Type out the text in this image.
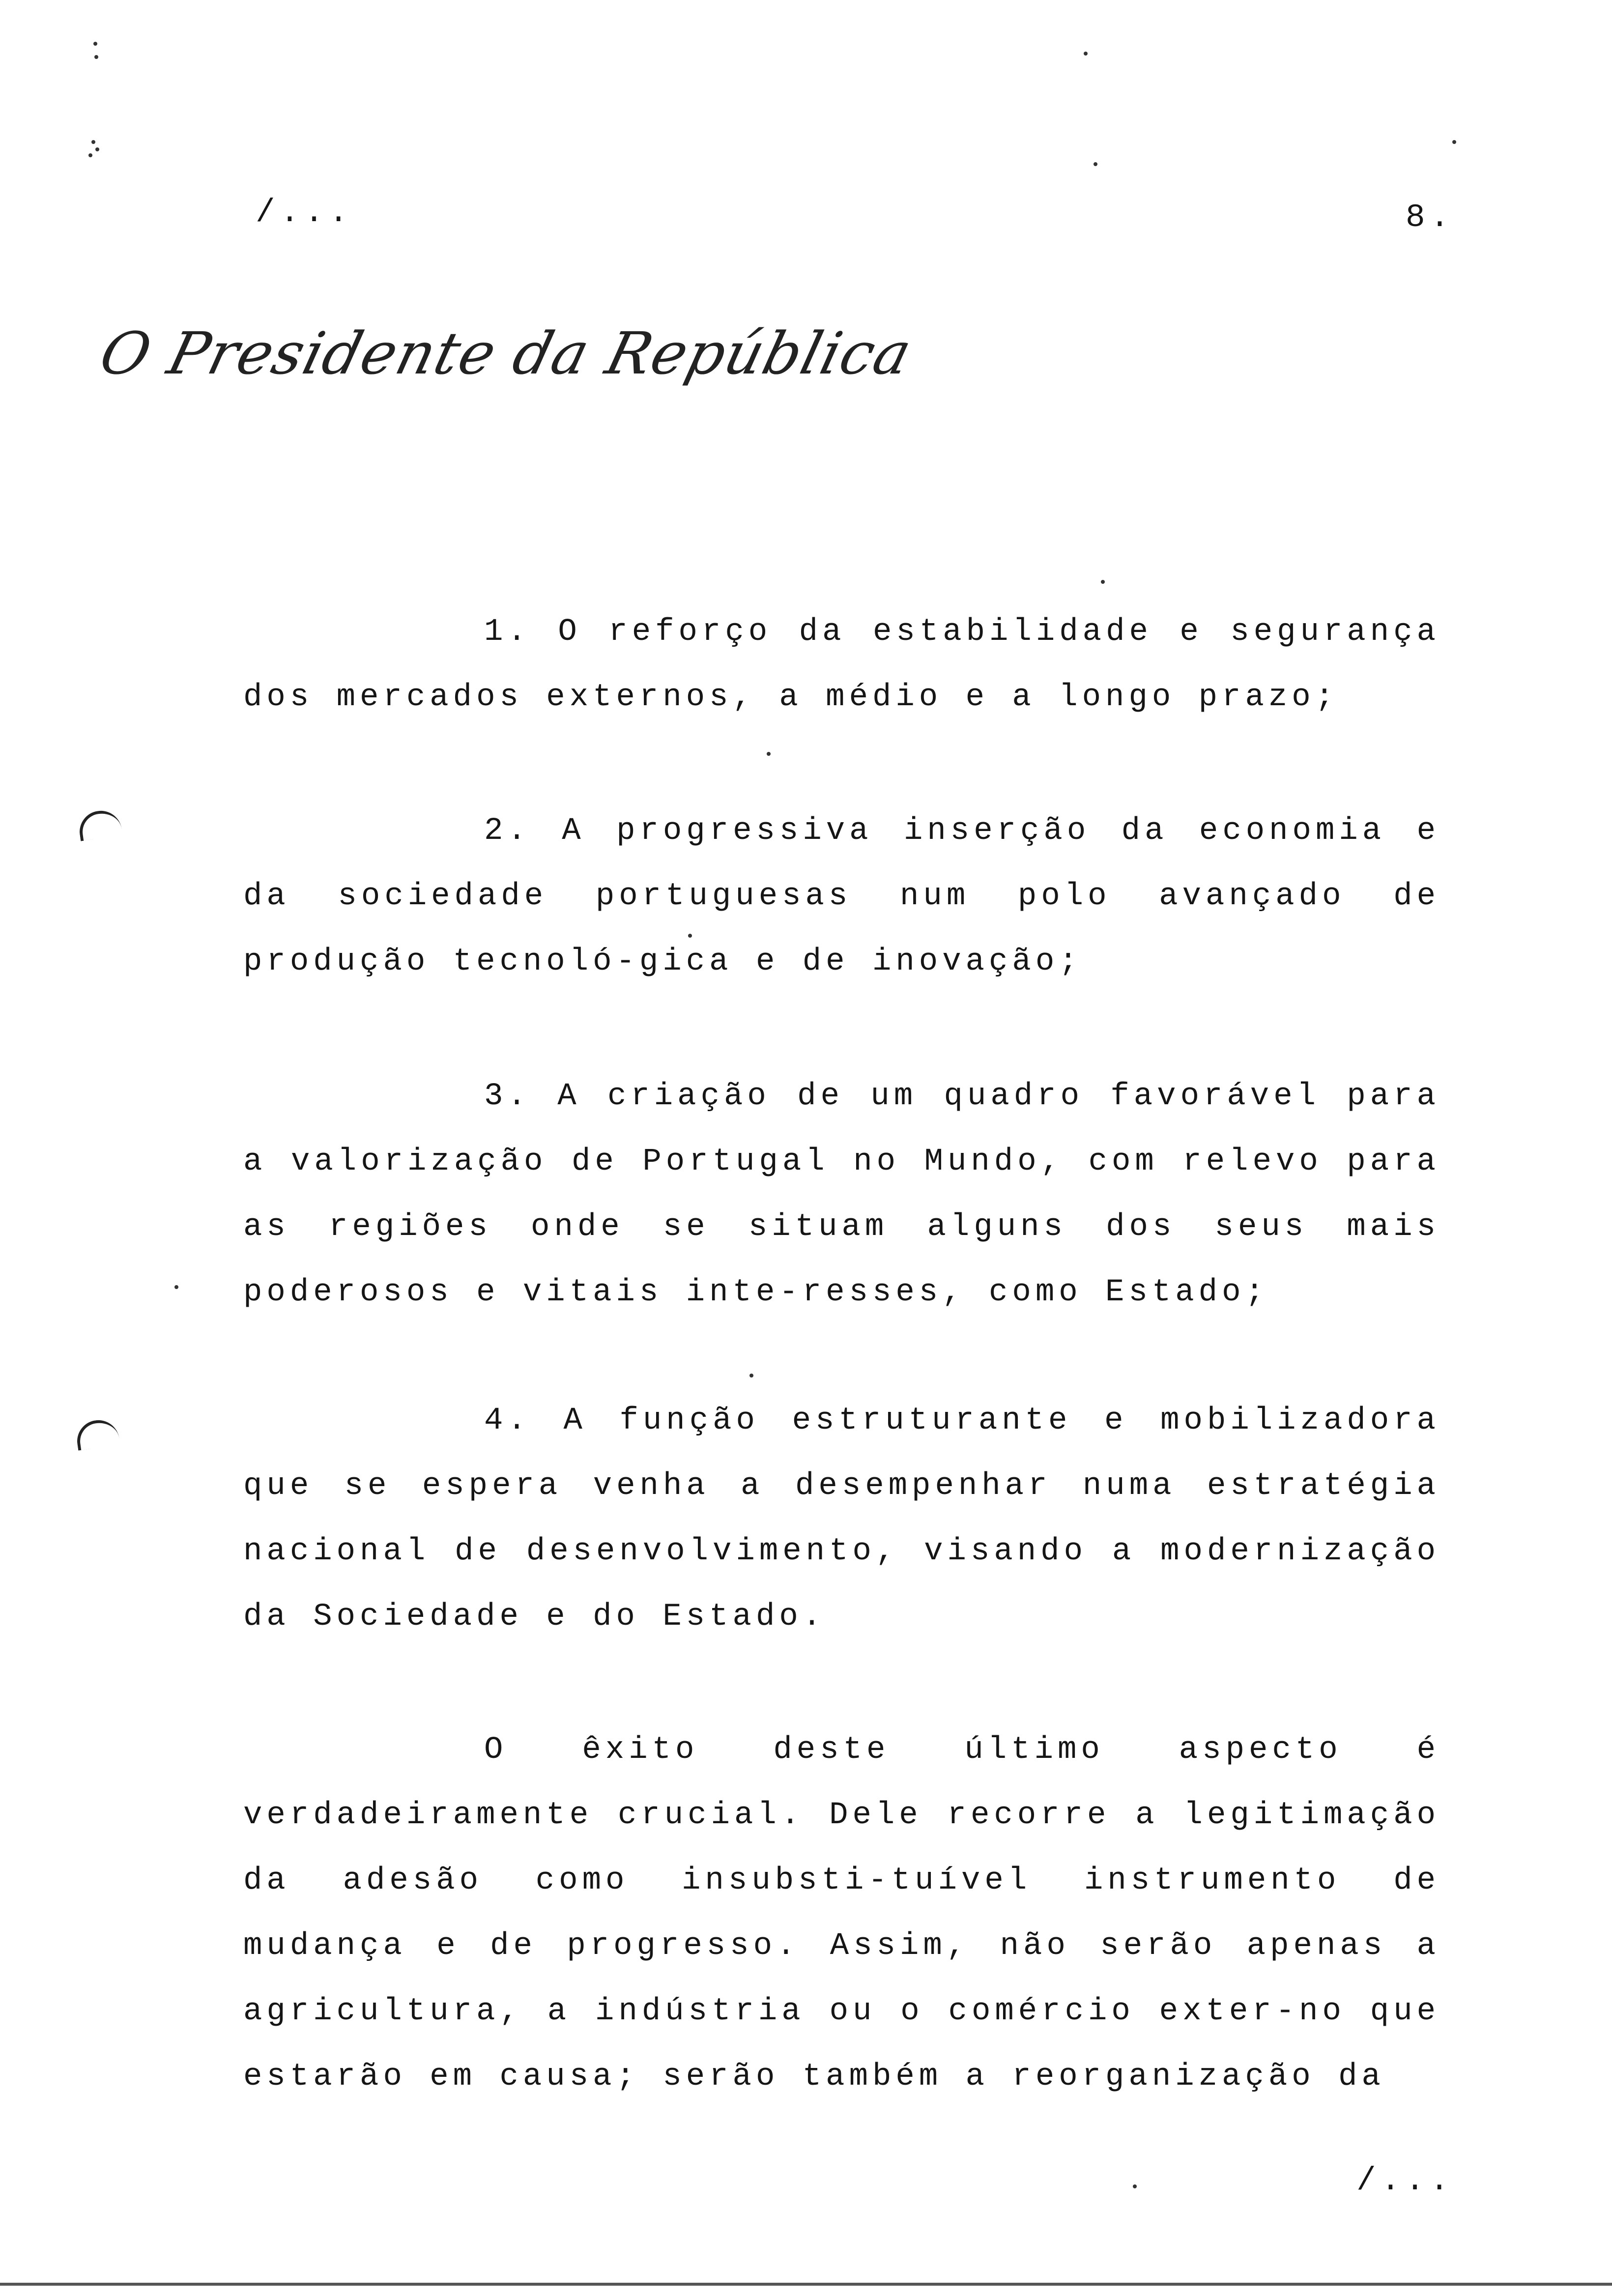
/...	8.
O Presidente da República
1. O reforço da estabilidade e segurança dos mercados externos, a médio e a longo prazo;
2. A progressiva inserção da economia e da sociedade portuguesas num polo avançado de produção tecnoló-gica e de inovação;
3. A criação de um quadro favorável para a valorização de Portugal no Mundo, com relevo para as regiões onde se situam alguns dos seus mais poderosos e vitais inte-resses, como Estado;
4. A função estruturante e mobilizadora que se espera venha a desempenhar numa estratégia nacional de desenvolvimento, visando a modernização da Sociedade e do Estado.
O êxito deste último aspecto é verdadeiramente crucial. Dele recorre a legitimação da adesão como insubsti-tuível instrumento de mudança e de progresso. Assim, não serão apenas a agricultura, a indústria ou o comércio exter-no que estarão em causa; serão também a reorganização da
/...
